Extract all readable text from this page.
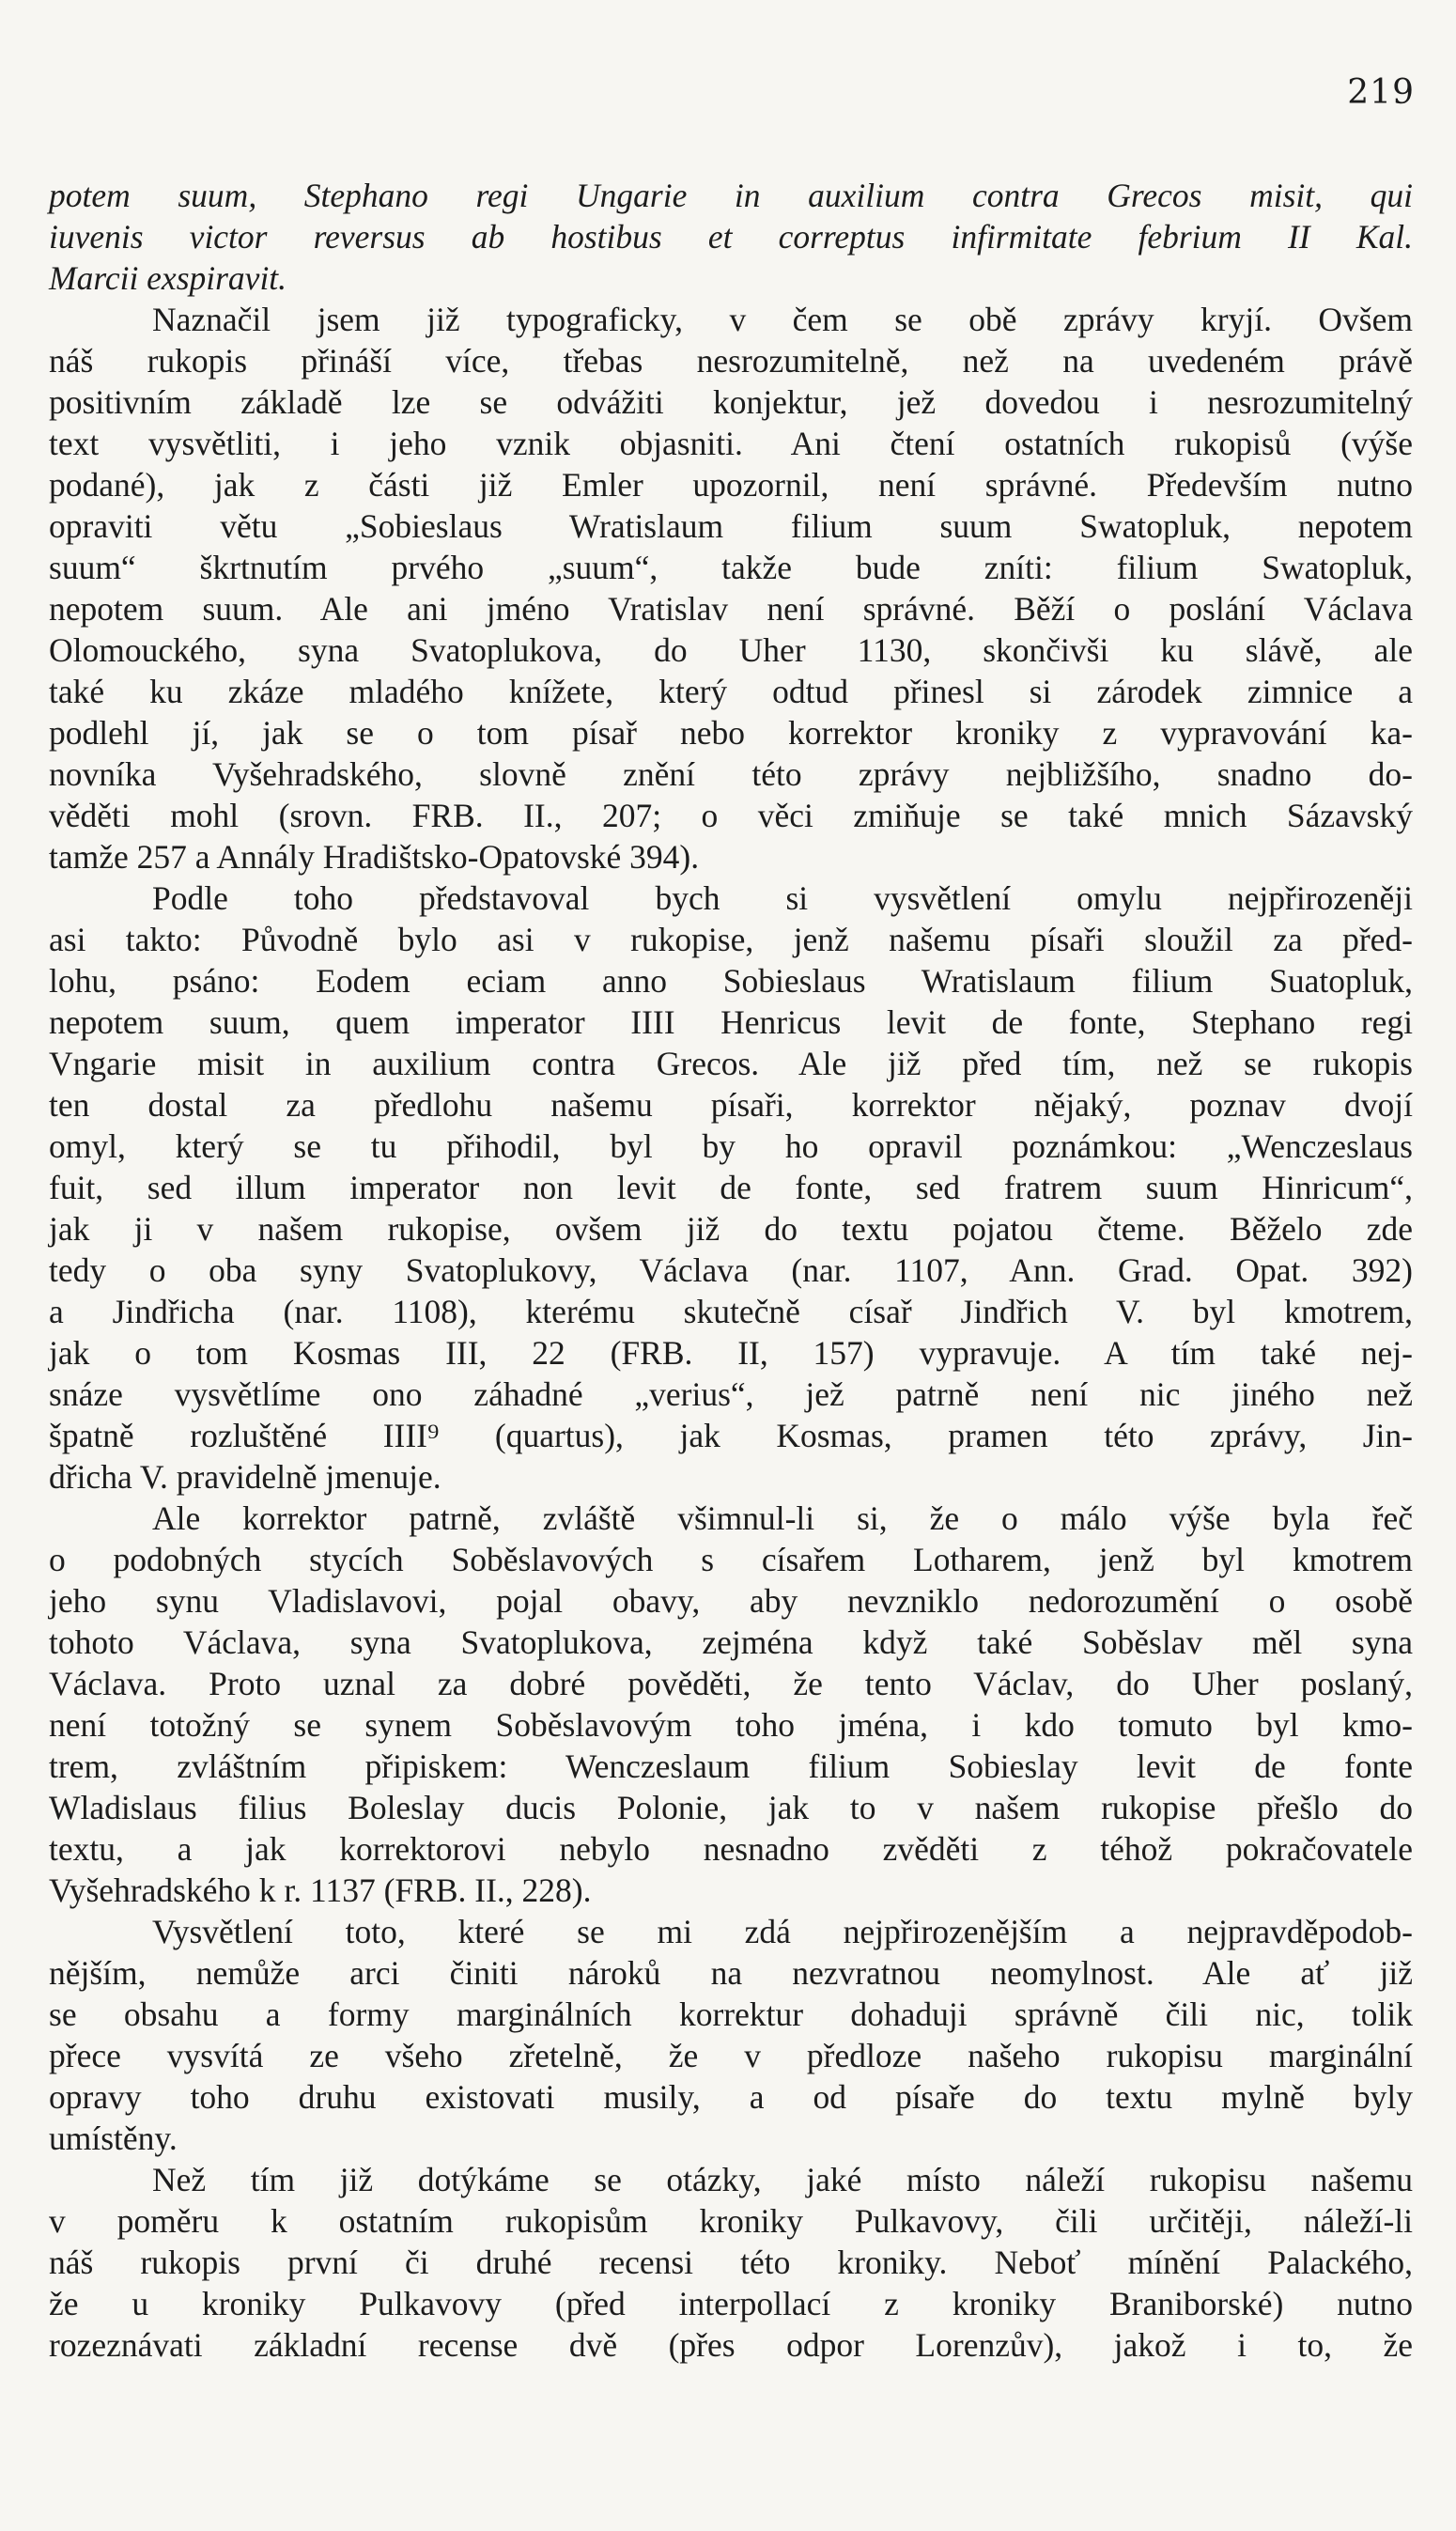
219
potem suum, Stephano regi Ungarie in auxilium contra Grecos misit, qui
iuvenis victor reversus ab hostibus et correptus infirmitate febrium II Kal.
Marcii exspiravit.
Naznačil jsem již typograficky, v čem se obě zprávy kryjí. Ovšem
náš rukopis přináší více, třebas nesrozumitelně, než na uvedeném právě
positivním základě lze se odvážiti konjektur, jež dovedou i nesrozumitelný
text vysvětliti, i jeho vznik objasniti. Ani čtení ostatních rukopisů (výše
podané), jak z části již Emler upozornil, není správné. Především nutno
opraviti větu „Sobieslaus Wratislaum filium suum Swatopluk, nepotem
suum“ škrtnutím prvého „suum“, takže bude zníti: filium Swatopluk,
nepotem suum. Ale ani jméno Vratislav není správné. Běží o poslání Václava
Olomouckého, syna Svatoplukova, do Uher 1130, skončivši ku slávě, ale
také ku zkáze mladého knížete, který odtud přinesl si zárodek zimnice a
podlehl jí, jak se o tom písař nebo korrektor kroniky z vypravování ka-
novníka Vyšehradského, slovně znění této zprávy nejbližšího, snadno do-
věděti mohl (srovn. FRB. II., 207; o věci zmiňuje se také mnich Sázavský
tamže 257 a Annály Hradištsko-Opatovské 394).
Podle toho představoval bych si vysvětlení omylu nejpřirozeněji
asi takto: Původně bylo asi v rukopise, jenž našemu písaři sloužil za před-
lohu, psáno: Eodem eciam anno Sobieslaus Wratislaum filium Suatopluk,
nepotem suum, quem imperator IIII Henricus levit de fonte, Stephano regi
Vngarie misit in auxilium contra Grecos. Ale již před tím, než se rukopis
ten dostal za předlohu našemu písaři, korrektor nějaký, poznav dvojí
omyl, který se tu přihodil, byl by ho opravil poznámkou: „Wenczeslaus
fuit, sed illum imperator non levit de fonte, sed fratrem suum Hinricum“,
jak ji v našem rukopise, ovšem již do textu pojatou čteme. Běželo zde
tedy o oba syny Svatoplukovy, Václava (nar. 1107, Ann. Grad. Opat. 392)
a Jindřicha (nar. 1108), kterému skutečně císař Jindřich V. byl kmotrem,
jak o tom Kosmas III, 22 (FRB. II, 157) vypravuje. A tím také nej-
snáze vysvětlíme ono záhadné „verius“, jež patrně není nic jiného než
špatně rozluštěné IIII⁹ (quartus), jak Kosmas, pramen této zprávy, Jin-
dřicha V. pravidelně jmenuje.
Ale korrektor patrně, zvláště všimnul-li si, že o málo výše byla řeč
o podobných stycích Soběslavových s císařem Lotharem, jenž byl kmotrem
jeho synu Vladislavovi, pojal obavy, aby nevzniklo nedorozumění o osobě
tohoto Václava, syna Svatoplukova, zejména když také Soběslav měl syna
Václava. Proto uznal za dobré pověděti, že tento Václav, do Uher poslaný,
není totožný se synem Soběslavovým toho jména, i kdo tomuto byl kmo-
trem, zvláštním připiskem: Wenczeslaum filium Sobieslay levit de fonte
Wladislaus filius Boleslay ducis Polonie, jak to v našem rukopise přešlo do
textu, a jak korrektorovi nebylo nesnadno zvěděti z téhož pokračovatele
Vyšehradského k r. 1137 (FRB. II., 228).
Vysvětlení toto, které se mi zdá nejpřirozenějším a nejpravděpodob-
nějším, nemůže arci činiti nároků na nezvratnou neomylnost. Ale ať již
se obsahu a formy marginálních korrektur dohaduji správně čili nic, tolik
přece vysvítá ze všeho zřetelně, že v předloze našeho rukopisu marginální
opravy toho druhu existovati musily, a od písaře do textu mylně byly
umístěny.
Než tím již dotýkáme se otázky, jaké místo náleží rukopisu našemu
v poměru k ostatním rukopisům kroniky Pulkavovy, čili určitěji, náleží-li
náš rukopis první či druhé recensi této kroniky. Neboť mínění Palackého,
že u kroniky Pulkavovy (před interpollací z kroniky Braniborské) nutno
rozeznávati základní recense dvě (přes odpor Lorenzův), jakož i to, že
